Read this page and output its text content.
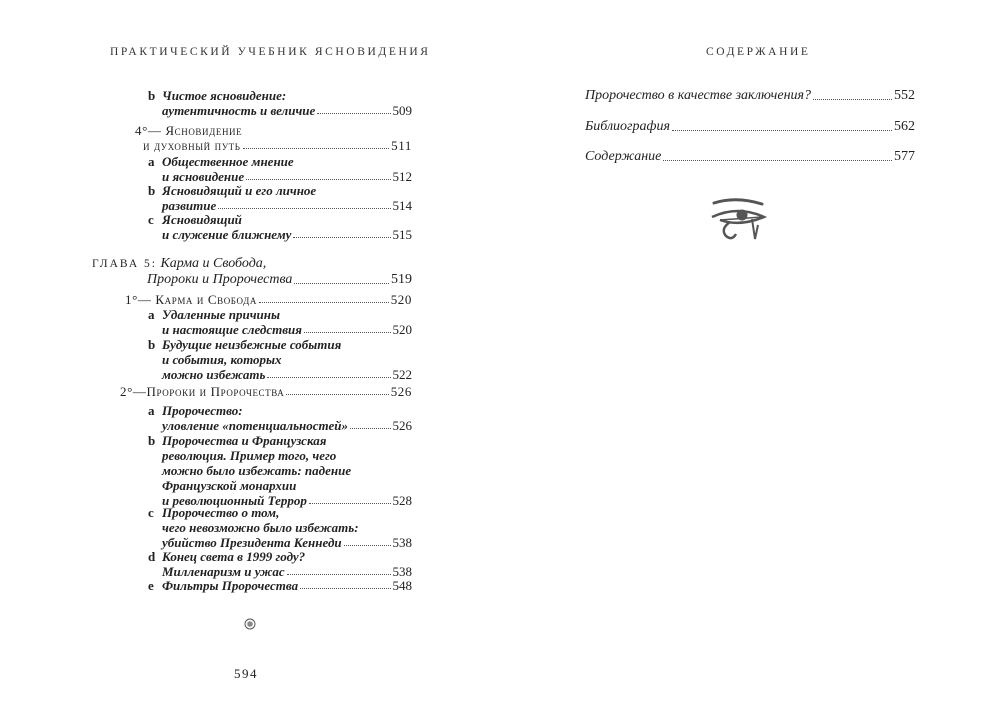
ПРАКТИЧЕСКИЙ УЧЕБНИК ЯСНОВИДЕНИЯ
b Чистое ясновидение:
аутентичность и величие	509
4°— Ясновидение
и духовный путь	511
a Общественное мнение
и ясновидение	512
b Ясновидящий и его личное
развитие	514
c Ясновидящий
и служение ближнему	515
ГЛАВА 5: Карма и Свобода,
Пророки и Пророчества	519
1°— Карма и Свобода	520
a Удаленные причины
и настоящие следствия	520
b Будущие неизбежные события
и события, которых
можно избежать	522
2°—Пророки и Пророчества	526
a Пророчество:
уловление «потенциальностей»	526
b Пророчества и Французская
революция. Пример того, чего
можно было избежать: падение
Французской монархии
и революционный Террор	528
c Пророчество о том,
чего невозможно было избежать:
убийство Президента Кеннеди	538
d Конец света в 1999 году?
Милленаризм и ужас	538
e Фильтры Пророчества	548
594
СОДЕРЖАНИЕ
Пророчество в качестве заключения?	552
Библиография	562
Содержание	577
